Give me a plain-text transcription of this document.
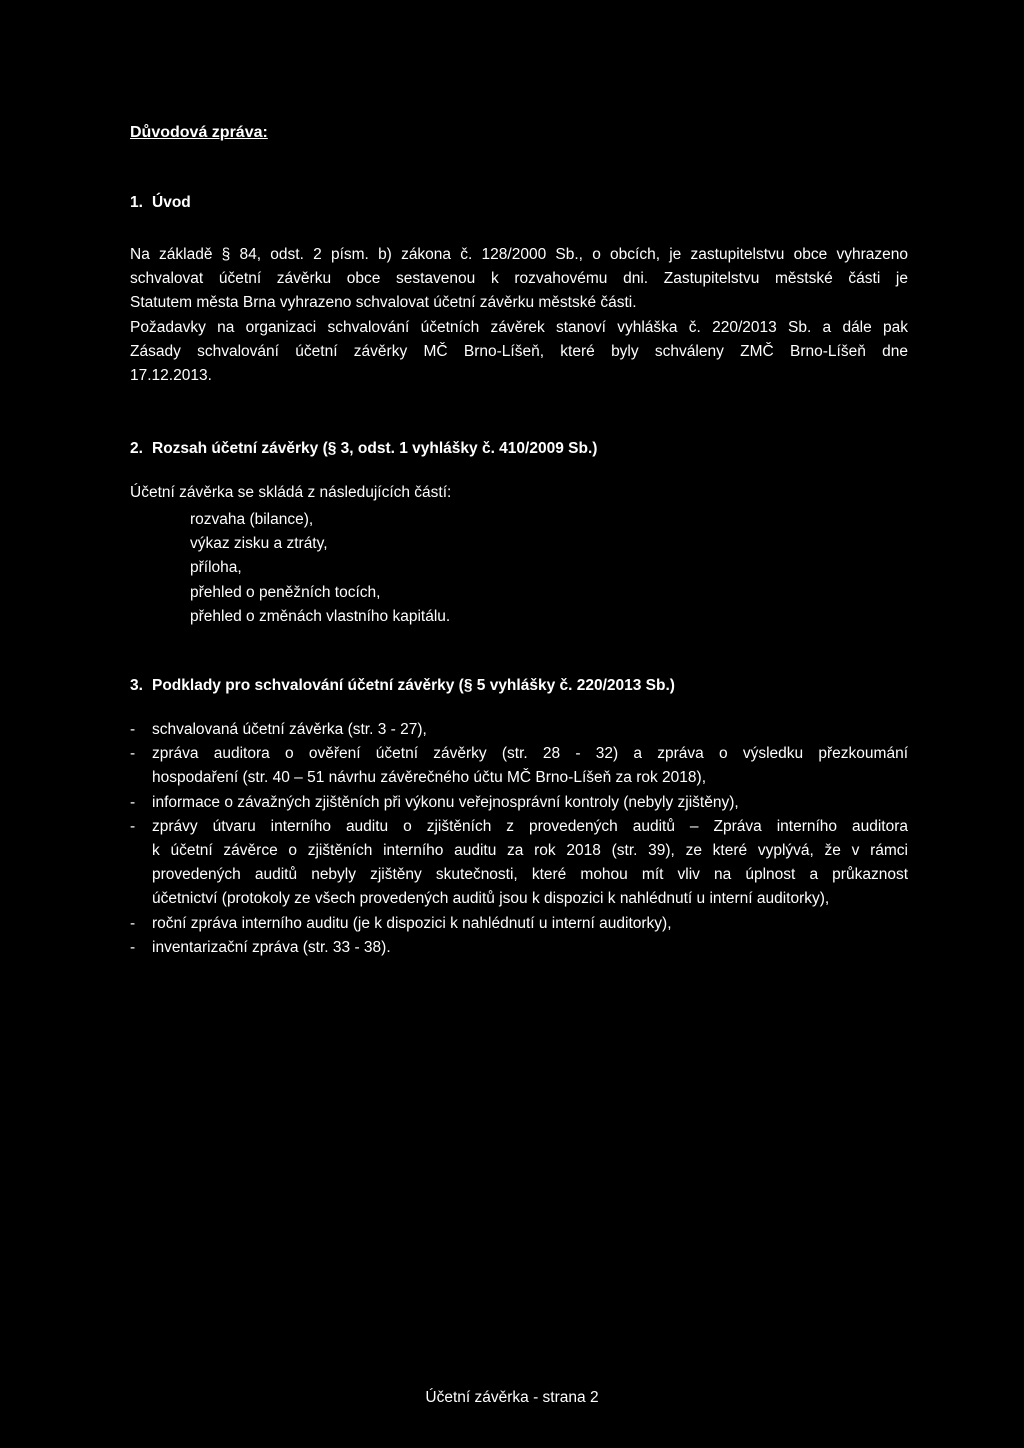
Důvodová zpráva:
1. Úvod
Na základě § 84, odst. 2 písm. b) zákona č. 128/2000 Sb., o obcích, je zastupitelstvu obce vyhrazeno
schvalovat účetní závěrku obce sestavenou k rozvahovému dni. Zastupitelstvu městské části je
Statutem města Brna vyhrazeno schvalovat účetní závěrku městské části.
Požadavky na organizaci schvalování účetních závěrek stanoví vyhláška č. 220/2013 Sb. a dále pak
Zásady schvalování účetní závěrky MČ Brno-Líšeň, které byly schváleny ZMČ Brno-Líšeň dne
17.12.2013.
2. Rozsah účetní závěrky (§ 3, odst. 1 vyhlášky č. 410/2009 Sb.)
Účetní závěrka se skládá z následujících částí:
rozvaha (bilance),
výkaz zisku a ztráty,
příloha,
přehled o peněžních tocích,
přehled o změnách vlastního kapitálu.
3. Podklady pro schvalování účetní závěrky (§ 5 vyhlášky č. 220/2013 Sb.)
-	schvalovaná účetní závěrka (str. 3 - 27),
-	zpráva auditora o ověření účetní závěrky (str. 28 - 32) a zpráva o výsledku přezkoumání
hospodaření (str. 40 – 51 návrhu závěrečného účtu MČ Brno-Líšeň za rok 2018),
-	informace o závažných zjištěních při výkonu veřejnosprávní kontroly (nebyly zjištěny),
-	zprávy útvaru interního auditu o zjištěních z provedených auditů – Zpráva interního auditora
k účetní závěrce o zjištěních interního auditu za rok 2018 (str. 39), ze které vyplývá, že v rámci
provedených auditů nebyly zjištěny skutečnosti, které mohou mít vliv na úplnost a průkaznost
účetnictví (protokoly ze všech provedených auditů jsou k dispozici k nahlédnutí u interní auditorky),
-	roční zpráva interního auditu (je k dispozici k nahlédnutí u interní auditorky),
-	inventarizační zpráva (str. 33 - 38).
Účetní závěrka - strana 2
